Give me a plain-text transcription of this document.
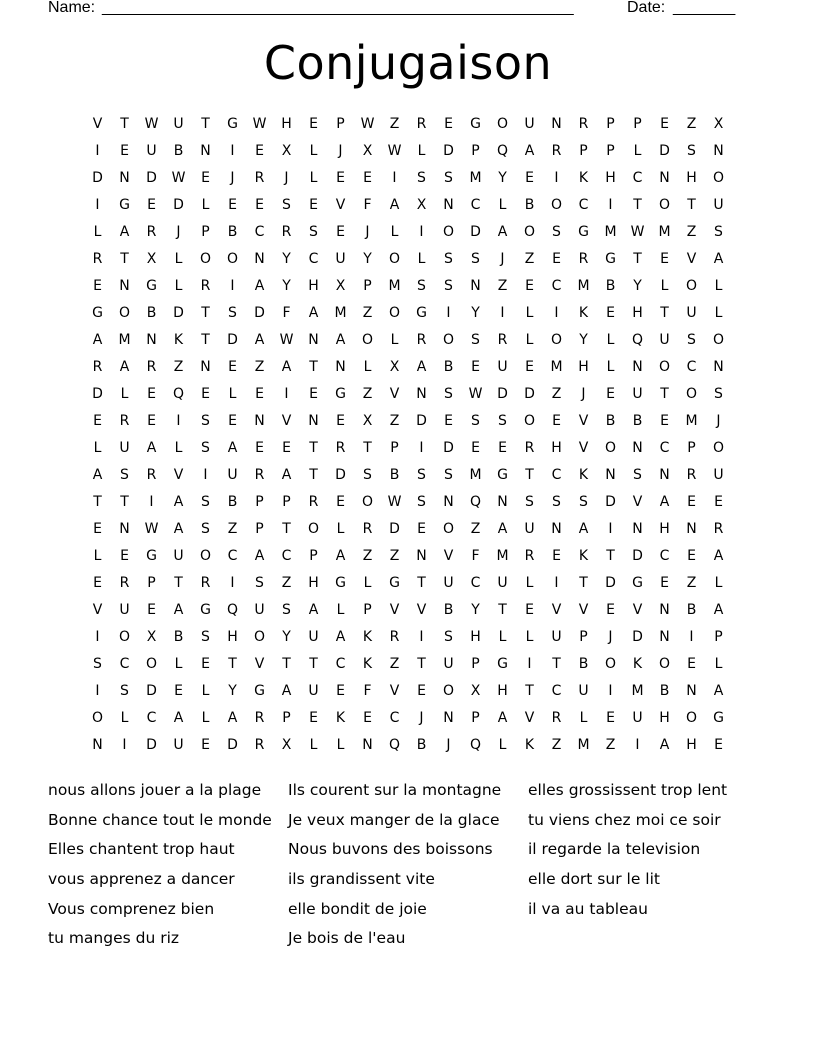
Name: _____________________________________________________	Date: _______
Conjugaison
V	T	W	U	T	G	W	H	E	P	W	Z	R	E	G	O	U	N	R	P	P	E	Z	X
I	E	U	B	N	I	E	X	L	J	X	W	L	D	P	Q	A	R	P	P	L	D	S	N
D	N	D	W	E	J	R	J	L	E	E	I	S	S	M	Y	E	I	K	H	C	N	H	O
I	G	E	D	L	E	E	S	E	V	F	A	X	N	C	L	B	O	C	I	T	O	T	U
L	A	R	J	P	B	C	R	S	E	J	L	I	O	D	A	O	S	G	M	W	M	Z	S
R	T	X	L	O	O	N	Y	C	U	Y	O	L	S	S	J	Z	E	R	G	T	E	V	A
E	N	G	L	R	I	A	Y	H	X	P	M	S	S	N	Z	E	C	M	B	Y	L	O	L
G	O	B	D	T	S	D	F	A	M	Z	O	G	I	Y	I	L	I	K	E	H	T	U	L
A	M	N	K	T	D	A	W	N	A	O	L	R	O	S	R	L	O	Y	L	Q	U	S	O
R	A	R	Z	N	E	Z	A	T	N	L	X	A	B	E	U	E	M	H	L	N	O	C	N
D	L	E	Q	E	L	E	I	E	G	Z	V	N	S	W	D	D	Z	J	E	U	T	O	S
E	R	E	I	S	E	N	V	N	E	X	Z	D	E	S	S	O	E	V	B	B	E	M	J
L	U	A	L	S	A	E	E	T	R	T	P	I	D	E	E	R	H	V	O	N	C	P	O
A	S	R	V	I	U	R	A	T	D	S	B	S	S	M	G	T	C	K	N	S	N	R	U
T	T	I	A	S	B	P	P	R	E	O	W	S	N	Q	N	S	S	S	D	V	A	E	E
E	N	W	A	S	Z	P	T	O	L	R	D	E	O	Z	A	U	N	A	I	N	H	N	R
L	E	G	U	O	C	A	C	P	A	Z	Z	N	V	F	M	R	E	K	T	D	C	E	A
E	R	P	T	R	I	S	Z	H	G	L	G	T	U	C	U	L	I	T	D	G	E	Z	L
V	U	E	A	G	Q	U	S	A	L	P	V	V	B	Y	T	E	V	V	E	V	N	B	A
I	O	X	B	S	H	O	Y	U	A	K	R	I	S	H	L	L	U	P	J	D	N	I	P
S	C	O	L	E	T	V	T	T	C	K	Z	T	U	P	G	I	T	B	O	K	O	E	L
I	S	D	E	L	Y	G	A	U	E	F	V	E	O	X	H	T	C	U	I	M	B	N	A
O	L	C	A	L	A	R	P	E	K	E	C	J	N	P	A	V	R	L	E	U	H	O	G
N	I	D	U	E	D	R	X	L	L	N	Q	B	J	Q	L	K	Z	M	Z	I	A	H	E
nous allons jouer a la plage
Bonne chance tout le monde
Elles chantent trop haut
vous apprenez a dancer
Vous comprenez bien
tu manges du riz
Ils courent sur la montagne
Je veux manger de la glace
Nous buvons des boissons
ils grandissent vite
elle bondit de joie
Je bois de l'eau
elles grossissent trop lent
tu viens chez moi ce soir
il regarde la television
elle dort sur le lit
il va au tableau
